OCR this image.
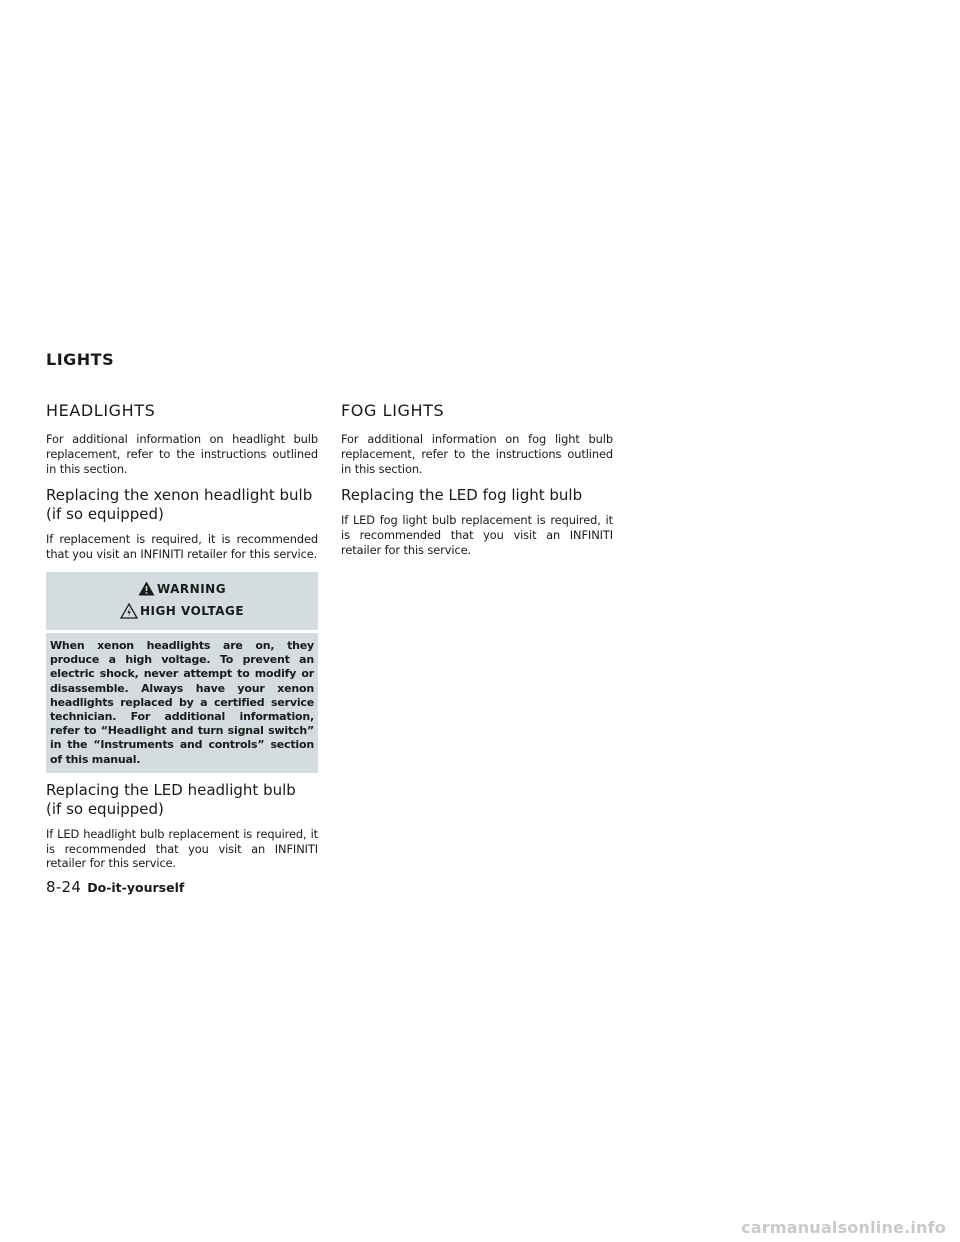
LIGHTS
HEADLIGHTS

For additional information on headlight bulb replacement, refer to the instructions outlined in this section.

Replacing the xenon headlight bulb
(if so equipped)

If replacement is required, it is recommended that you visit an INFINITI retailer for this service.

WARNING
HIGH VOLTAGE
When xenon headlights are on, they produce a high voltage. To prevent an electric shock, never attempt to modify or disassemble. Always have your xenon headlights replaced by a certified service technician. For additional information, refer to “Headlight and turn signal switch” in the “Instruments and controls” section of this manual.
Replacing the LED headlight bulb
(if so equipped)

If LED headlight bulb replacement is required, it is recommended that you visit an INFINITI retailer for this service.

FOG LIGHTS

For additional information on fog light bulb replacement, refer to the instructions outlined in this section.

Replacing the LED fog light bulb

If LED fog light bulb replacement is required, it is recommended that you visit an INFINITI retailer for this service.

8-24 Do-it-yourself
carmanualsonline.info
